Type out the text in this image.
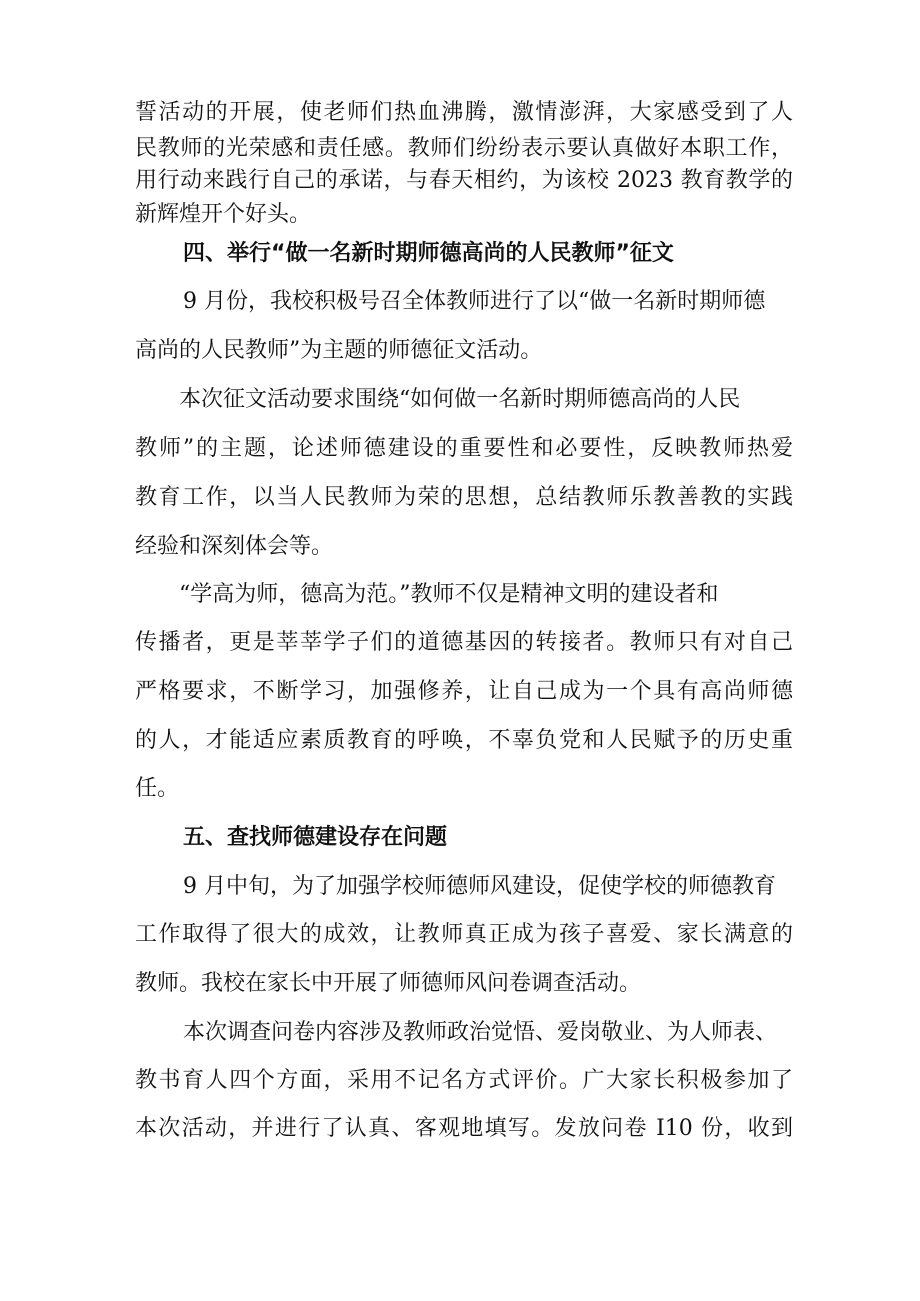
誓活动的开展，使老师们热血沸腾，激情澎湃，大家感受到了人
民教师的光荣感和责任感。教师们纷纷表示要认真做好本职工作，
用行动来践行自己的承诺，与春天相约，为该校 2023 教育教学的
新辉煌开个好头。
四、举行“做一名新时期师德高尚的人民教师”征文
9 月份，我校积极号召全体教师进行了以“做一名新时期师德
高尚的人民教师”为主题的师德征文活动。
本次征文活动要求围绕“如何做一名新时期师德高尚的人民
教师”的主题，论述师德建设的重要性和必要性，反映教师热爱
教育工作，以当人民教师为荣的思想，总结教师乐教善教的实践
经验和深刻体会等。
“学高为师，德高为范。”教师不仅是精神文明的建设者和
传播者，更是莘莘学子们的道德基因的转接者。教师只有对自己
严格要求，不断学习，加强修养，让自己成为一个具有高尚师德
的人，才能适应素质教育的呼唤，不辜负党和人民赋予的历史重
任。
五、查找师德建设存在问题
9 月中旬，为了加强学校师德师风建设，促使学校的师德教育
工作取得了很大的成效，让教师真正成为孩子喜爱、家长满意的
教师。我校在家长中开展了师德师风问卷调查活动。
本次调查问卷内容涉及教师政治觉悟、爱岗敬业、为人师表、
教书育人四个方面，采用不记名方式评价。广大家长积极参加了
本次活动，并进行了认真、客观地填写。发放问卷 I10 份，收到
